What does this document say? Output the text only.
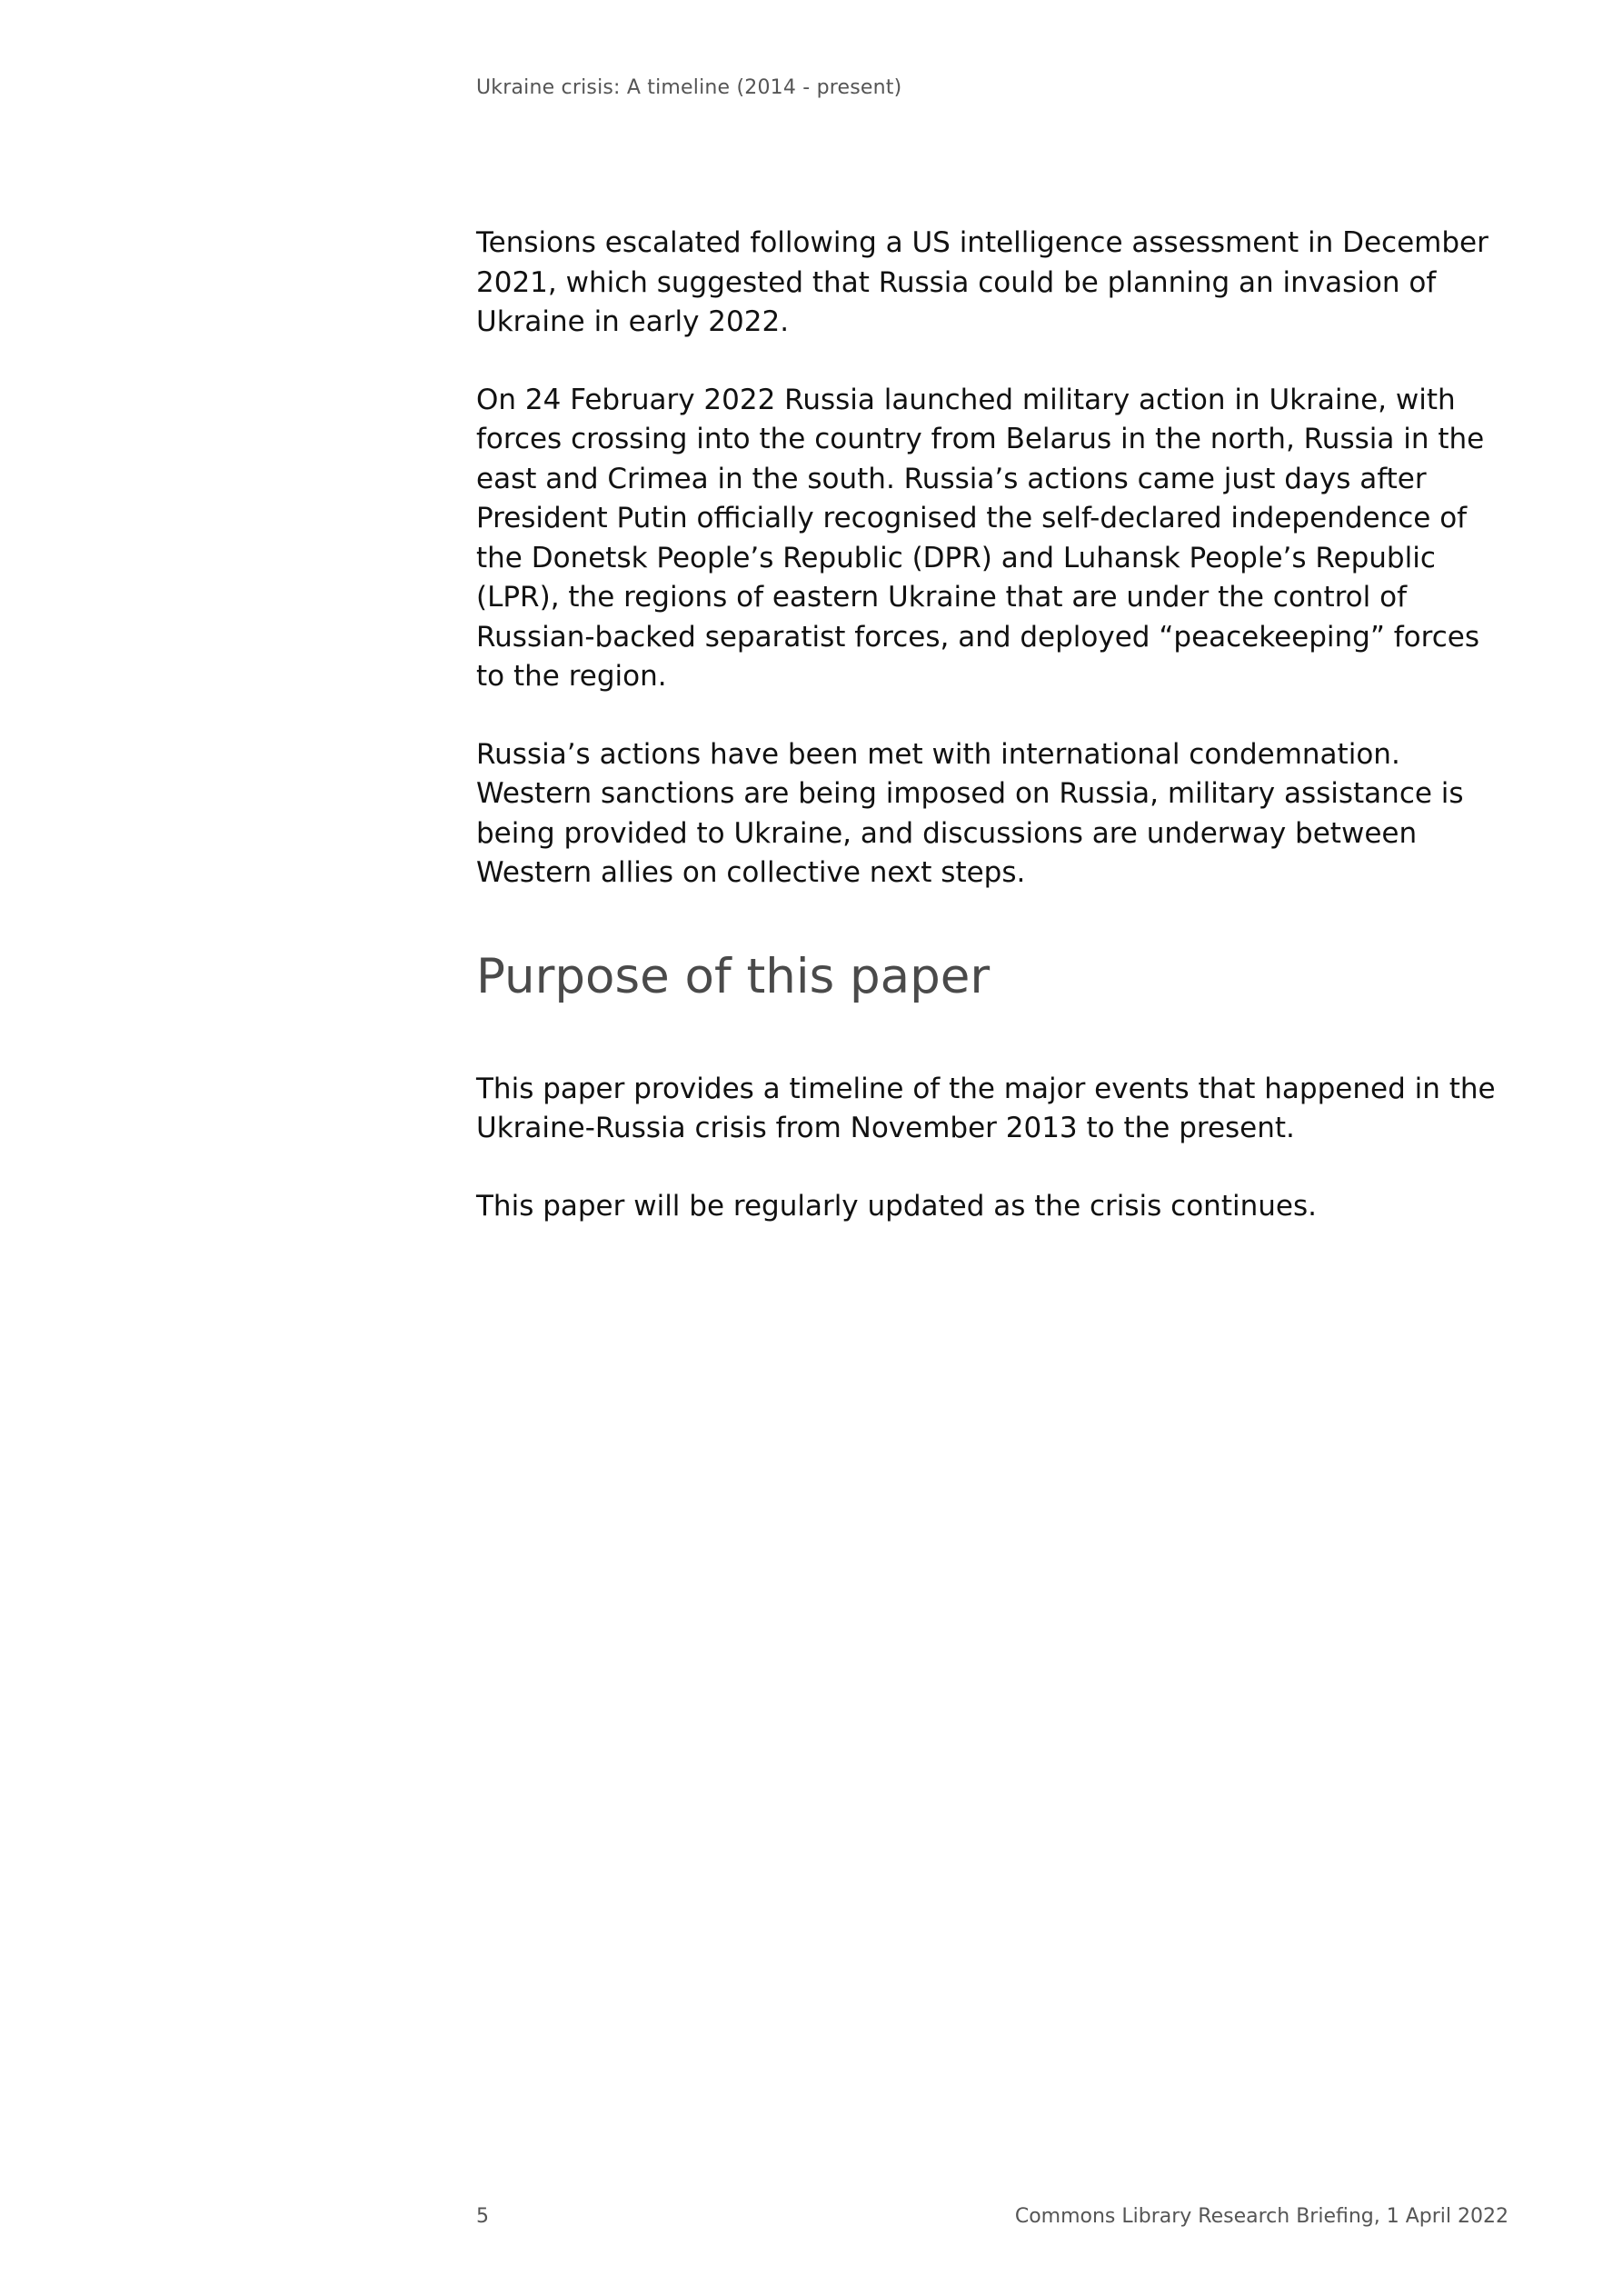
Ukraine crisis: A timeline (2014 - present)

Tensions escalated following a US intelligence assessment in December 2021, which suggested that Russia could be planning an invasion of Ukraine in early 2022.

On 24 February 2022 Russia launched military action in Ukraine, with forces crossing into the country from Belarus in the north, Russia in the east and Crimea in the south. Russia’s actions came just days after President Putin officially recognised the self-declared independence of the Donetsk People’s Republic (DPR) and Luhansk People’s Republic (LPR), the regions of eastern Ukraine that are under the control of Russian-backed separatist forces, and deployed “peacekeeping” forces to the region.

Russia’s actions have been met with international condemnation. Western sanctions are being imposed on Russia, military assistance is being provided to Ukraine, and discussions are underway between Western allies on collective next steps.

Purpose of this paper

This paper provides a timeline of the major events that happened in the Ukraine-Russia crisis from November 2013 to the present.

This paper will be regularly updated as the crisis continues.

5	Commons Library Research Briefing, 1 April 2022
